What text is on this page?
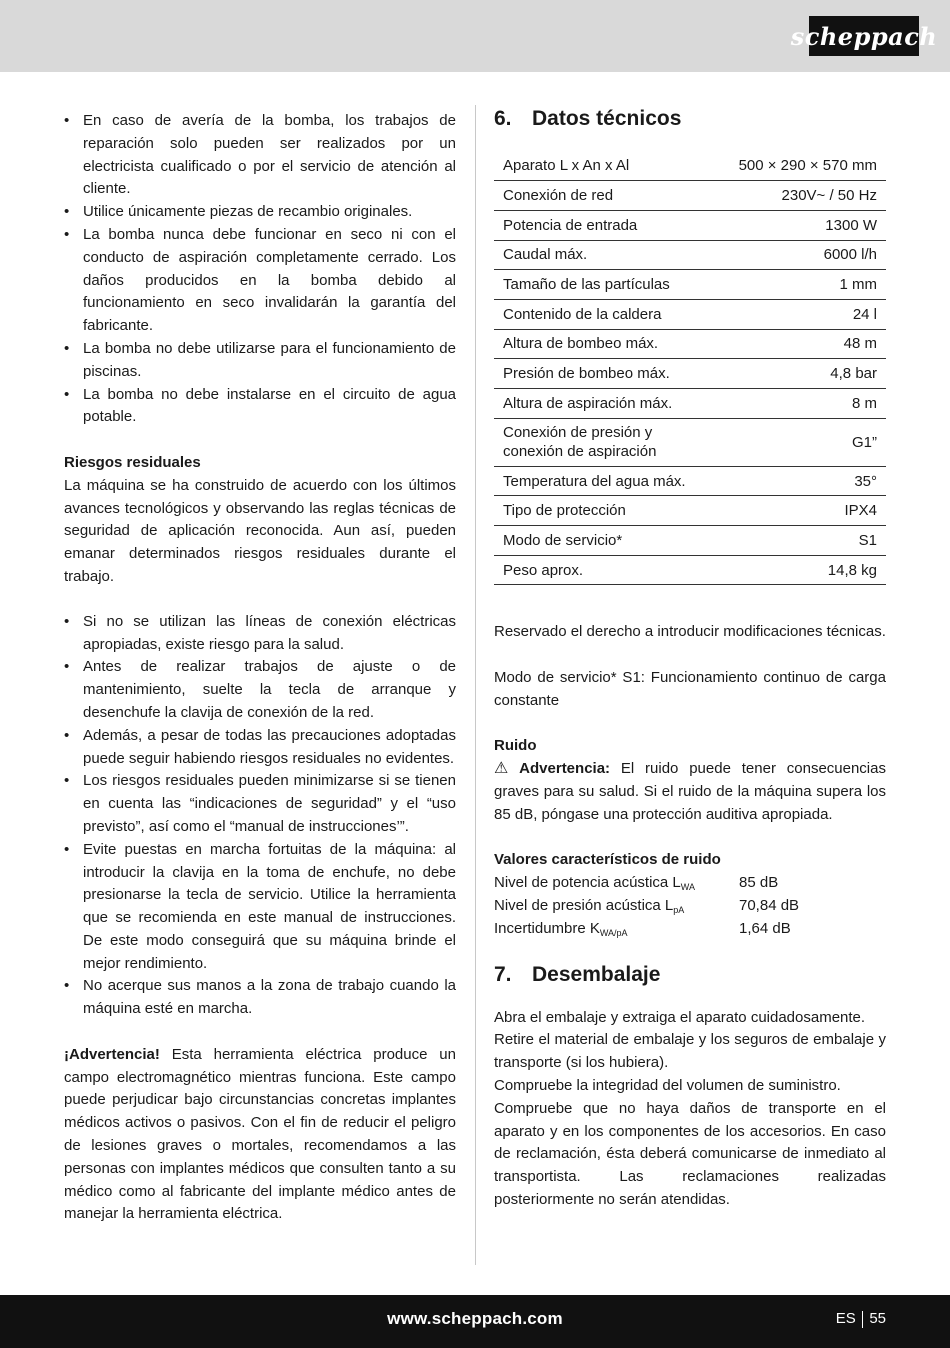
scheppach
• En caso de avería de la bomba, los trabajos de reparación solo pueden ser realizados por un electricista cualificado o por el servicio de atención al cliente.
• Utilice únicamente piezas de recambio originales.
• La bomba nunca debe funcionar en seco ni con el conducto de aspiración completamente cerrado. Los daños producidos en la bomba debido al funcionamiento en seco invalidarán la garantía del fabricante.
• La bomba no debe utilizarse para el funcionamiento de piscinas.
• La bomba no debe instalarse en el circuito de agua potable.
Riesgos residuales

La máquina se ha construido de acuerdo con los últimos avances tecnológicos y observando las reglas técnicas de seguridad de aplicación reconocida. Aun así, pueden emanar determinados riesgos residuales durante el trabajo.

• Si no se utilizan las líneas de conexión eléctricas apropiadas, existe riesgo para la salud.
• Antes de realizar trabajos de ajuste o de mantenimiento, suelte la tecla de arranque y desenchufe la clavija de conexión de la red.
• Además, a pesar de todas las precauciones adoptadas puede seguir habiendo riesgos residuales no evidentes.
• Los riesgos residuales pueden minimizarse si se tienen en cuenta las “indicaciones de seguridad” y el “uso previsto”, así como el “manual de instrucciones’”.
• Evite puestas en marcha fortuitas de la máquina: al introducir la clavija en la toma de enchufe, no debe presionarse la tecla de servicio. Utilice la herramienta que se recomienda en este manual de instrucciones. De este modo conseguirá que su máquina brinde el mejor rendimiento.
• No acerque sus manos a la zona de trabajo cuando la máquina esté en marcha.

¡Advertencia! Esta herramienta eléctrica produce un campo electromagnético mientras funciona. Este campo puede perjudicar bajo circunstancias concretas implantes médicos activos o pasivos. Con el fin de reducir el peligro de lesiones graves o mortales, recomendamos a las personas con implantes médicos que consulten tanto a su médico como al fabricante del implante médico antes de manejar la herramienta eléctrica.

6. Datos técnicos
Aparato L x An x Al	500 × 290 × 570 mm
Conexión de red	230V~ / 50 Hz
Potencia de entrada	1300 W
Caudal máx.	6000 l/h
Tamaño de las partículas	1 mm
Contenido de la caldera	24 l
Altura de bombeo máx.	48 m
Presión de bombeo máx.	4,8 bar
Altura de aspiración máx.	8 m
Conexión de presión y
conexión de aspiración	G1”
Temperatura del agua máx.	35°
Tipo de protección	IPX4
Modo de servicio*	S1
Peso aprox.	14,8 kg

Reservado el derecho a introducir modificaciones técnicas.

Modo de servicio* S1: Funcionamiento continuo de carga constante

Ruido

⚠ Advertencia: El ruido puede tener consecuencias graves para su salud. Si el ruido de la máquina supera los 85 dB, póngase una protección auditiva apropiada.

Valores característicos de ruido
Nivel de potencia acústica $L_{WA}$	85 dB
Nivel de presión acústica $L_{pA}$	70,84 dB
Incertidumbre $K_{WA/pA}$	1,64 dB
7. Desembalaje

Abra el embalaje y extraiga el aparato cuidadosamente.

Retire el material de embalaje y los seguros de embalaje y transporte (si los hubiera).

Compruebe la integridad del volumen de suministro.

Compruebe que no haya daños de transporte en el aparato y en los componentes de los accesorios. En caso de reclamación, ésta deberá comunicarse de inmediato al transportista. Las reclamaciones realizadas posteriormente no serán atendidas.

www.scheppach.com	ES 55
